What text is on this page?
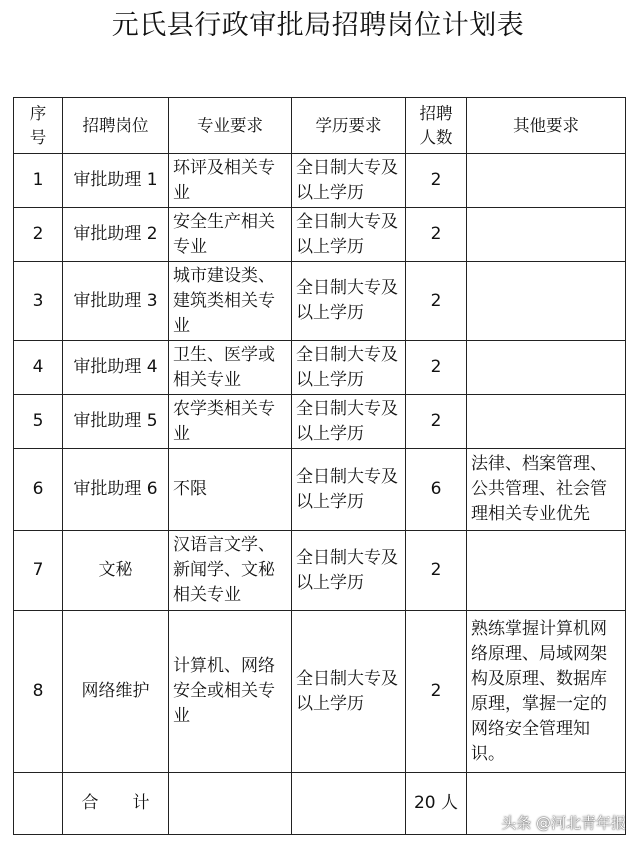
元氏县行政审批局招聘岗位计划表
序号	招聘岗位	专业要求	学历要求	招聘人数	其他要求
1	审批助理 1	环评及相关专业	全日制大专及以上学历	2	
2	审批助理 2	安全生产相关专业	全日制大专及以上学历	2	
3	审批助理 3	城市建设类、建筑类相关专业	全日制大专及以上学历	2	
4	审批助理 4	卫生、医学或相关专业	全日制大专及以上学历	2	
5	审批助理 5	农学类相关专业	全日制大专及以上学历	2	
6	审批助理 6	不限	全日制大专及以上学历	6	法律、档案管理、公共管理、社会管理相关专业优先
7	文秘	汉语言文学、新闻学、文秘相关专业	全日制大专及以上学历	2	
8	网络维护	计算机、网络安全或相关专业	全日制大专及以上学历	2	熟练掌握计算机网络原理、局域网架构及原理、数据库原理，掌握一定的网络安全管理知识。
	合　　计			20 人	
头条 @河北青年报
